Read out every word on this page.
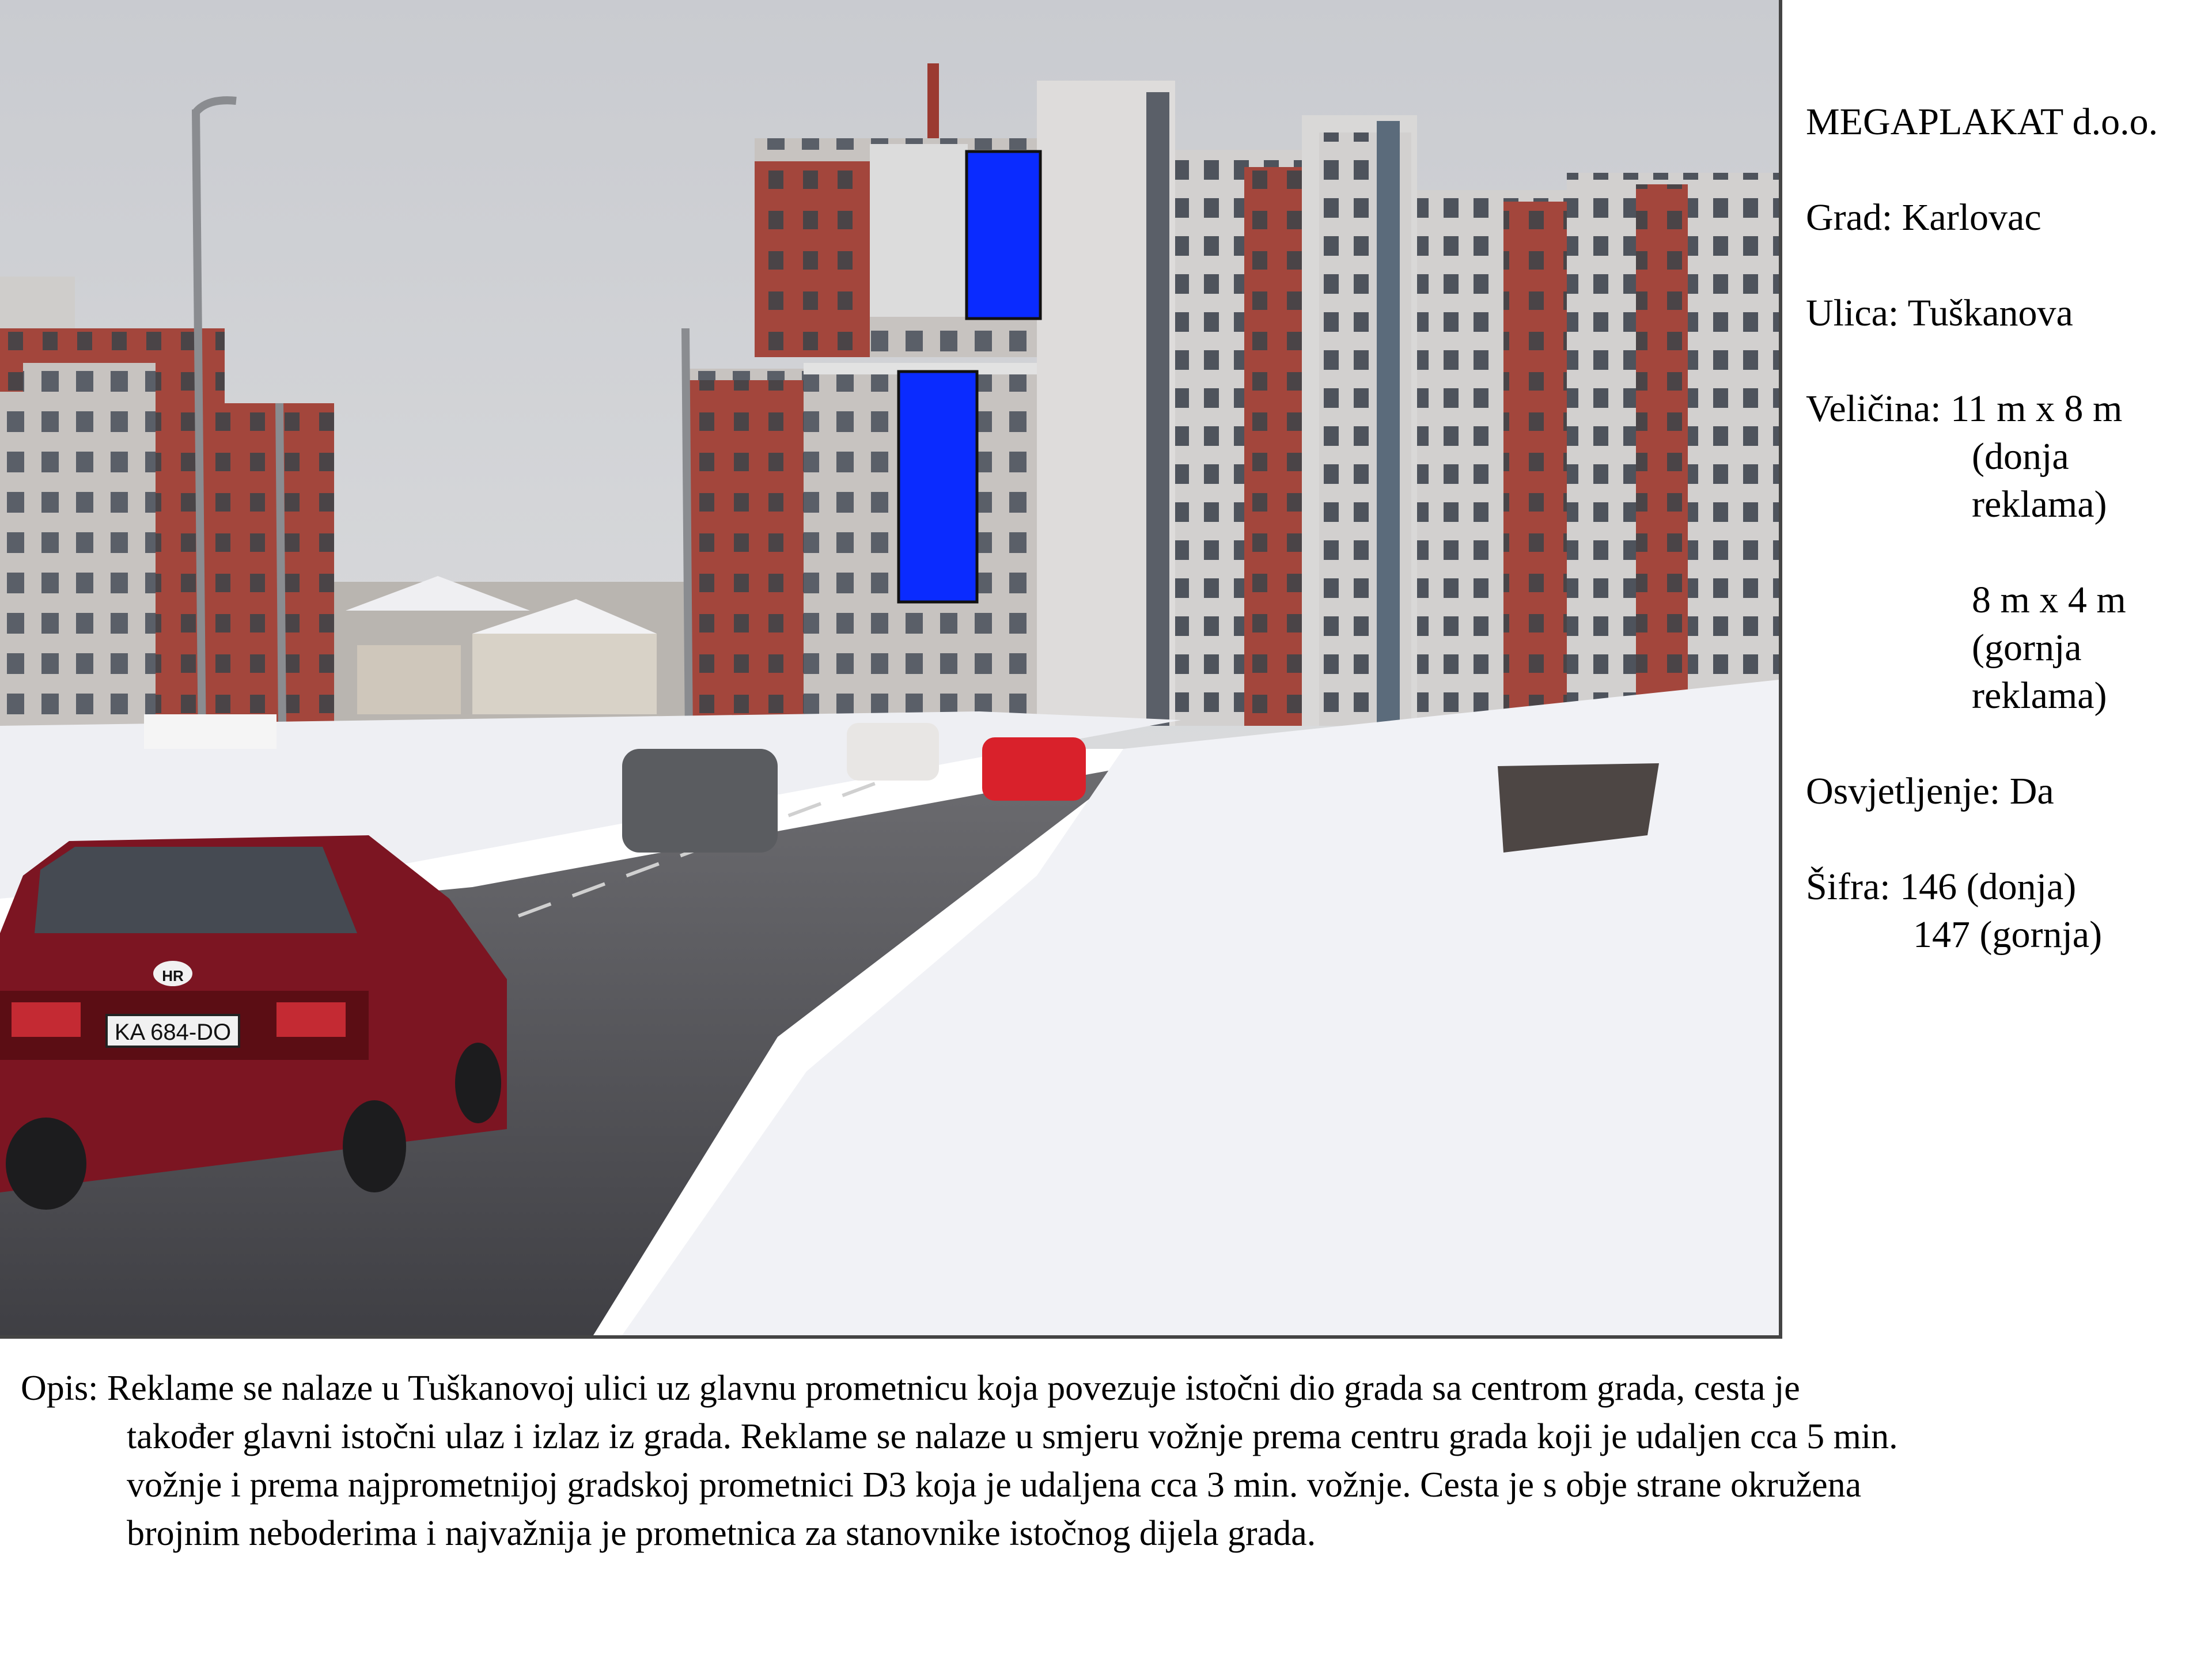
KA 684-DO
HR

MEGAPLAKAT d.o.o.

Grad: Karlovac

Ulica: Tuškanova

Veličina: 11 m x 8 m

(donja

reklama)

8 m x 4 m

(gornja

reklama)

Osvjetljenje: Da

Šifra: 146 (donja)

147 (gornja)

Opis: Reklame se nalaze u Tuškanovoj ulici uz glavnu prometnicu koja povezuje istočni dio grada sa centrom grada, cesta je
također glavni istočni ulaz i izlaz iz grada. Reklame se nalaze u smjeru vožnje prema centru grada koji je udaljen cca 5 min.
vožnje i prema najprometnijoj gradskoj prometnici D3 koja je udaljena cca 3 min. vožnje. Cesta je s obje strane okružena
brojnim neboderima i najvažnija je prometnica za stanovnike istočnog dijela grada.
